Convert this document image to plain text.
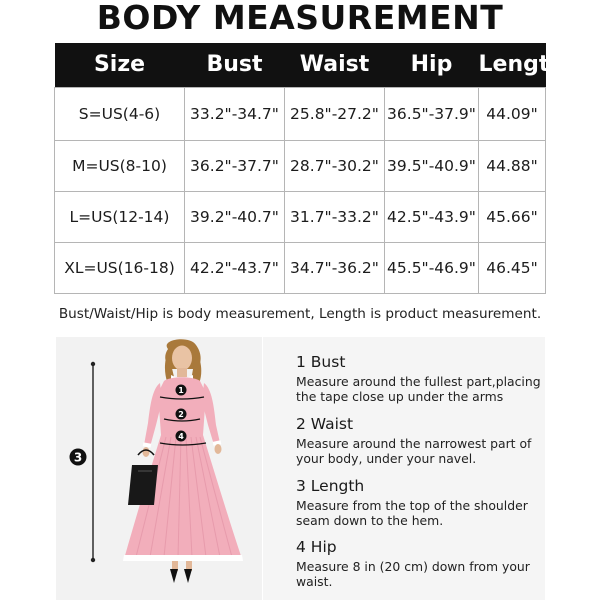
BODY MEASUREMENT
Size	Bust	Waist	Hip	Length
S=US(4-6)	33.2"-34.7"	25.8"-27.2"	36.5"-37.9"	44.09"
M=US(8-10)	36.2"-37.7"	28.7"-30.2"	39.5"-40.9"	44.88"
L=US(12-14)	39.2"-40.7"	31.7"-33.2"	42.5"-43.9"	45.66"
XL=US(16-18)	42.2"-43.7"	34.7"-36.2"	45.5"-46.9"	46.45"
Bust/Waist/Hip is body measurement, Length is product measurement.
3
1
2
4
1 Bust
Measure around the fullest part,placing the tape close up under the arms
2 Waist
Measure around the narrowest part of your body, under your navel.
3 Length
Measure from the top of the shoulder seam down to the hem.
4 Hip
Measure 8 in (20 cm) down from your waist.
